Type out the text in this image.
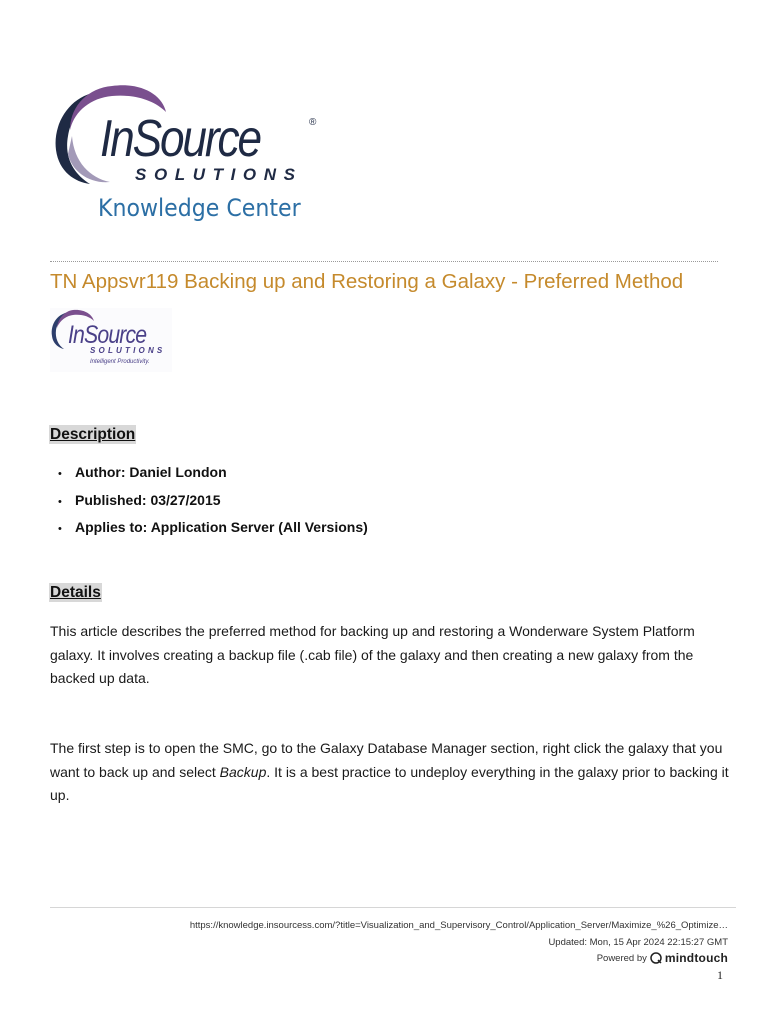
InSource	®
SOLUTIONS
Knowledge Center
TN Appsvr119 Backing up and Restoring a Galaxy - Preferred Method
InSource
SOLUTIONS
Intelligent Productivity.
Description
• Author: Daniel London
• Published: 03/27/2015
• Applies to: Application Server (All Versions)
Details

This article describes the preferred method for backing up and restoring a Wonderware System Platform galaxy. It involves creating a backup file (.cab file) of the galaxy and then creating a new galaxy from the backed up data.

The first step is to open the SMC, go to the Galaxy Database Manager section, right click the galaxy that you want to back up and select Backup. It is a best practice to undeploy everything in the galaxy prior to backing it up.

https://knowledge.insourcess.com/?title=Visualization_and_Supervisory_Control/Application_Server/Maximize_%26_Optimize…
Updated: Mon, 15 Apr 2024 22:15:27 GMT
Powered by mindtouch
1
